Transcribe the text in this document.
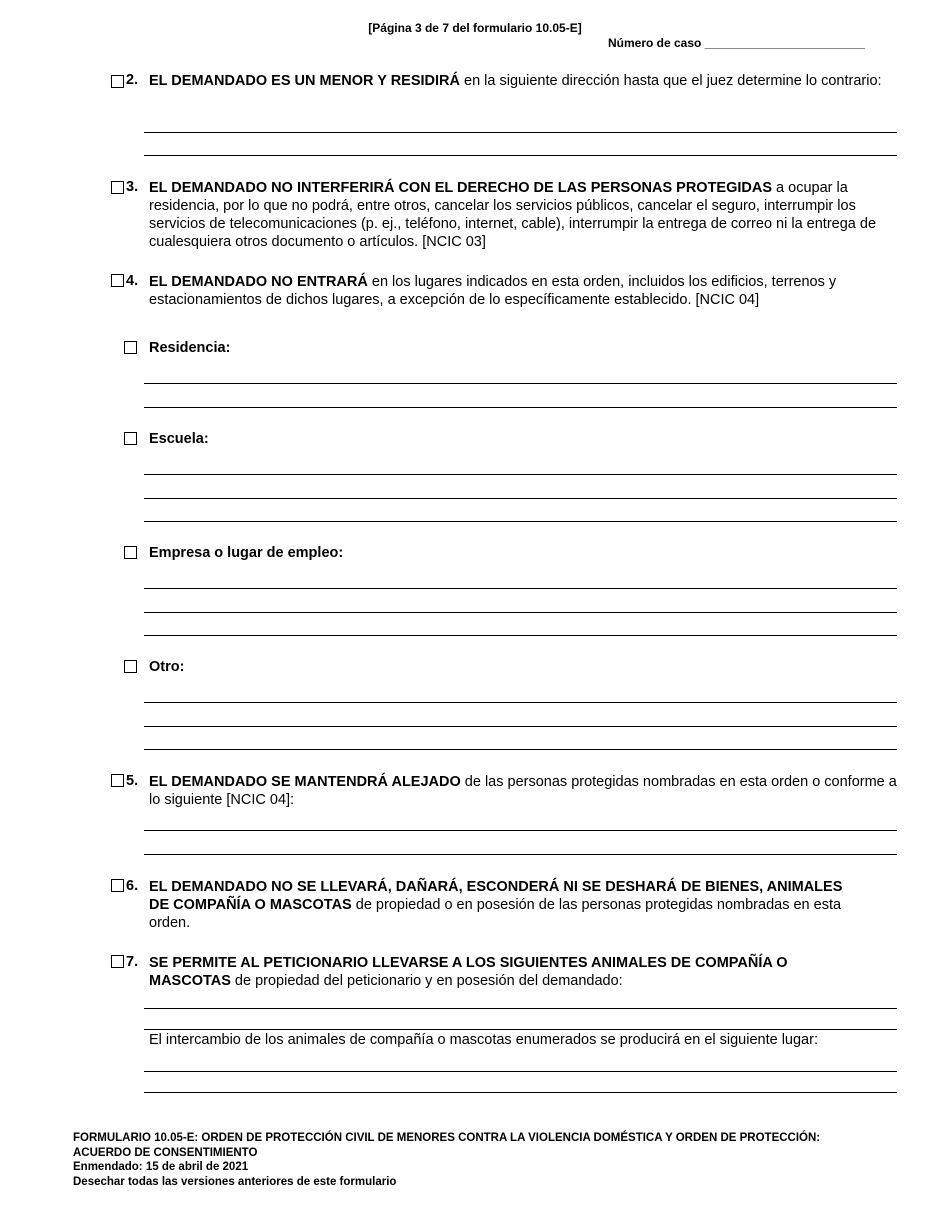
[Página 3 de 7 del formulario 10.05-E]
Número de caso ________________________
2. EL DEMANDADO ES UN MENOR Y RESIDIRÁ en la siguiente dirección hasta que el juez determine lo contrario:
3. EL DEMANDADO NO INTERFERIRÁ CON EL DERECHO DE LAS PERSONAS PROTEGIDAS a ocupar la residencia, por lo que no podrá, entre otros, cancelar los servicios públicos, cancelar el seguro, interrumpir los servicios de telecomunicaciones (p. ej., teléfono, internet, cable), interrumpir la entrega de correo ni la entrega de cualesquiera otros documento o artículos. [NCIC 03]
4. EL DEMANDADO NO ENTRARÁ en los lugares indicados en esta orden, incluidos los edificios, terrenos y estacionamientos de dichos lugares, a excepción de lo específicamente establecido. [NCIC 04]
Residencia:
Escuela:
Empresa o lugar de empleo:
Otro:
5. EL DEMANDADO SE MANTENDRÁ ALEJADO de las personas protegidas nombradas en esta orden o conforme a lo siguiente [NCIC 04]:
6. EL DEMANDADO NO SE LLEVARÁ, DAÑARÁ, ESCONDERÁ NI SE DESHARÁ DE BIENES, ANIMALES DE COMPAÑÍA O MASCOTAS de propiedad o en posesión de las personas protegidas nombradas en esta orden.
7. SE PERMITE AL PETICIONARIO LLEVARSE A LOS SIGUIENTES ANIMALES DE COMPAÑÍA O MASCOTAS de propiedad del peticionario y en posesión del demandado:
El intercambio de los animales de compañía o mascotas enumerados se producirá en el siguiente lugar:
FORMULARIO 10.05-E: ORDEN DE PROTECCIÓN CIVIL DE MENORES CONTRA LA VIOLENCIA DOMÉSTICA Y ORDEN DE PROTECCIÓN:
ACUERDO DE CONSENTIMIENTO
Enmendado: 15 de abril de 2021
Desechar todas las versiones anteriores de este formulario
